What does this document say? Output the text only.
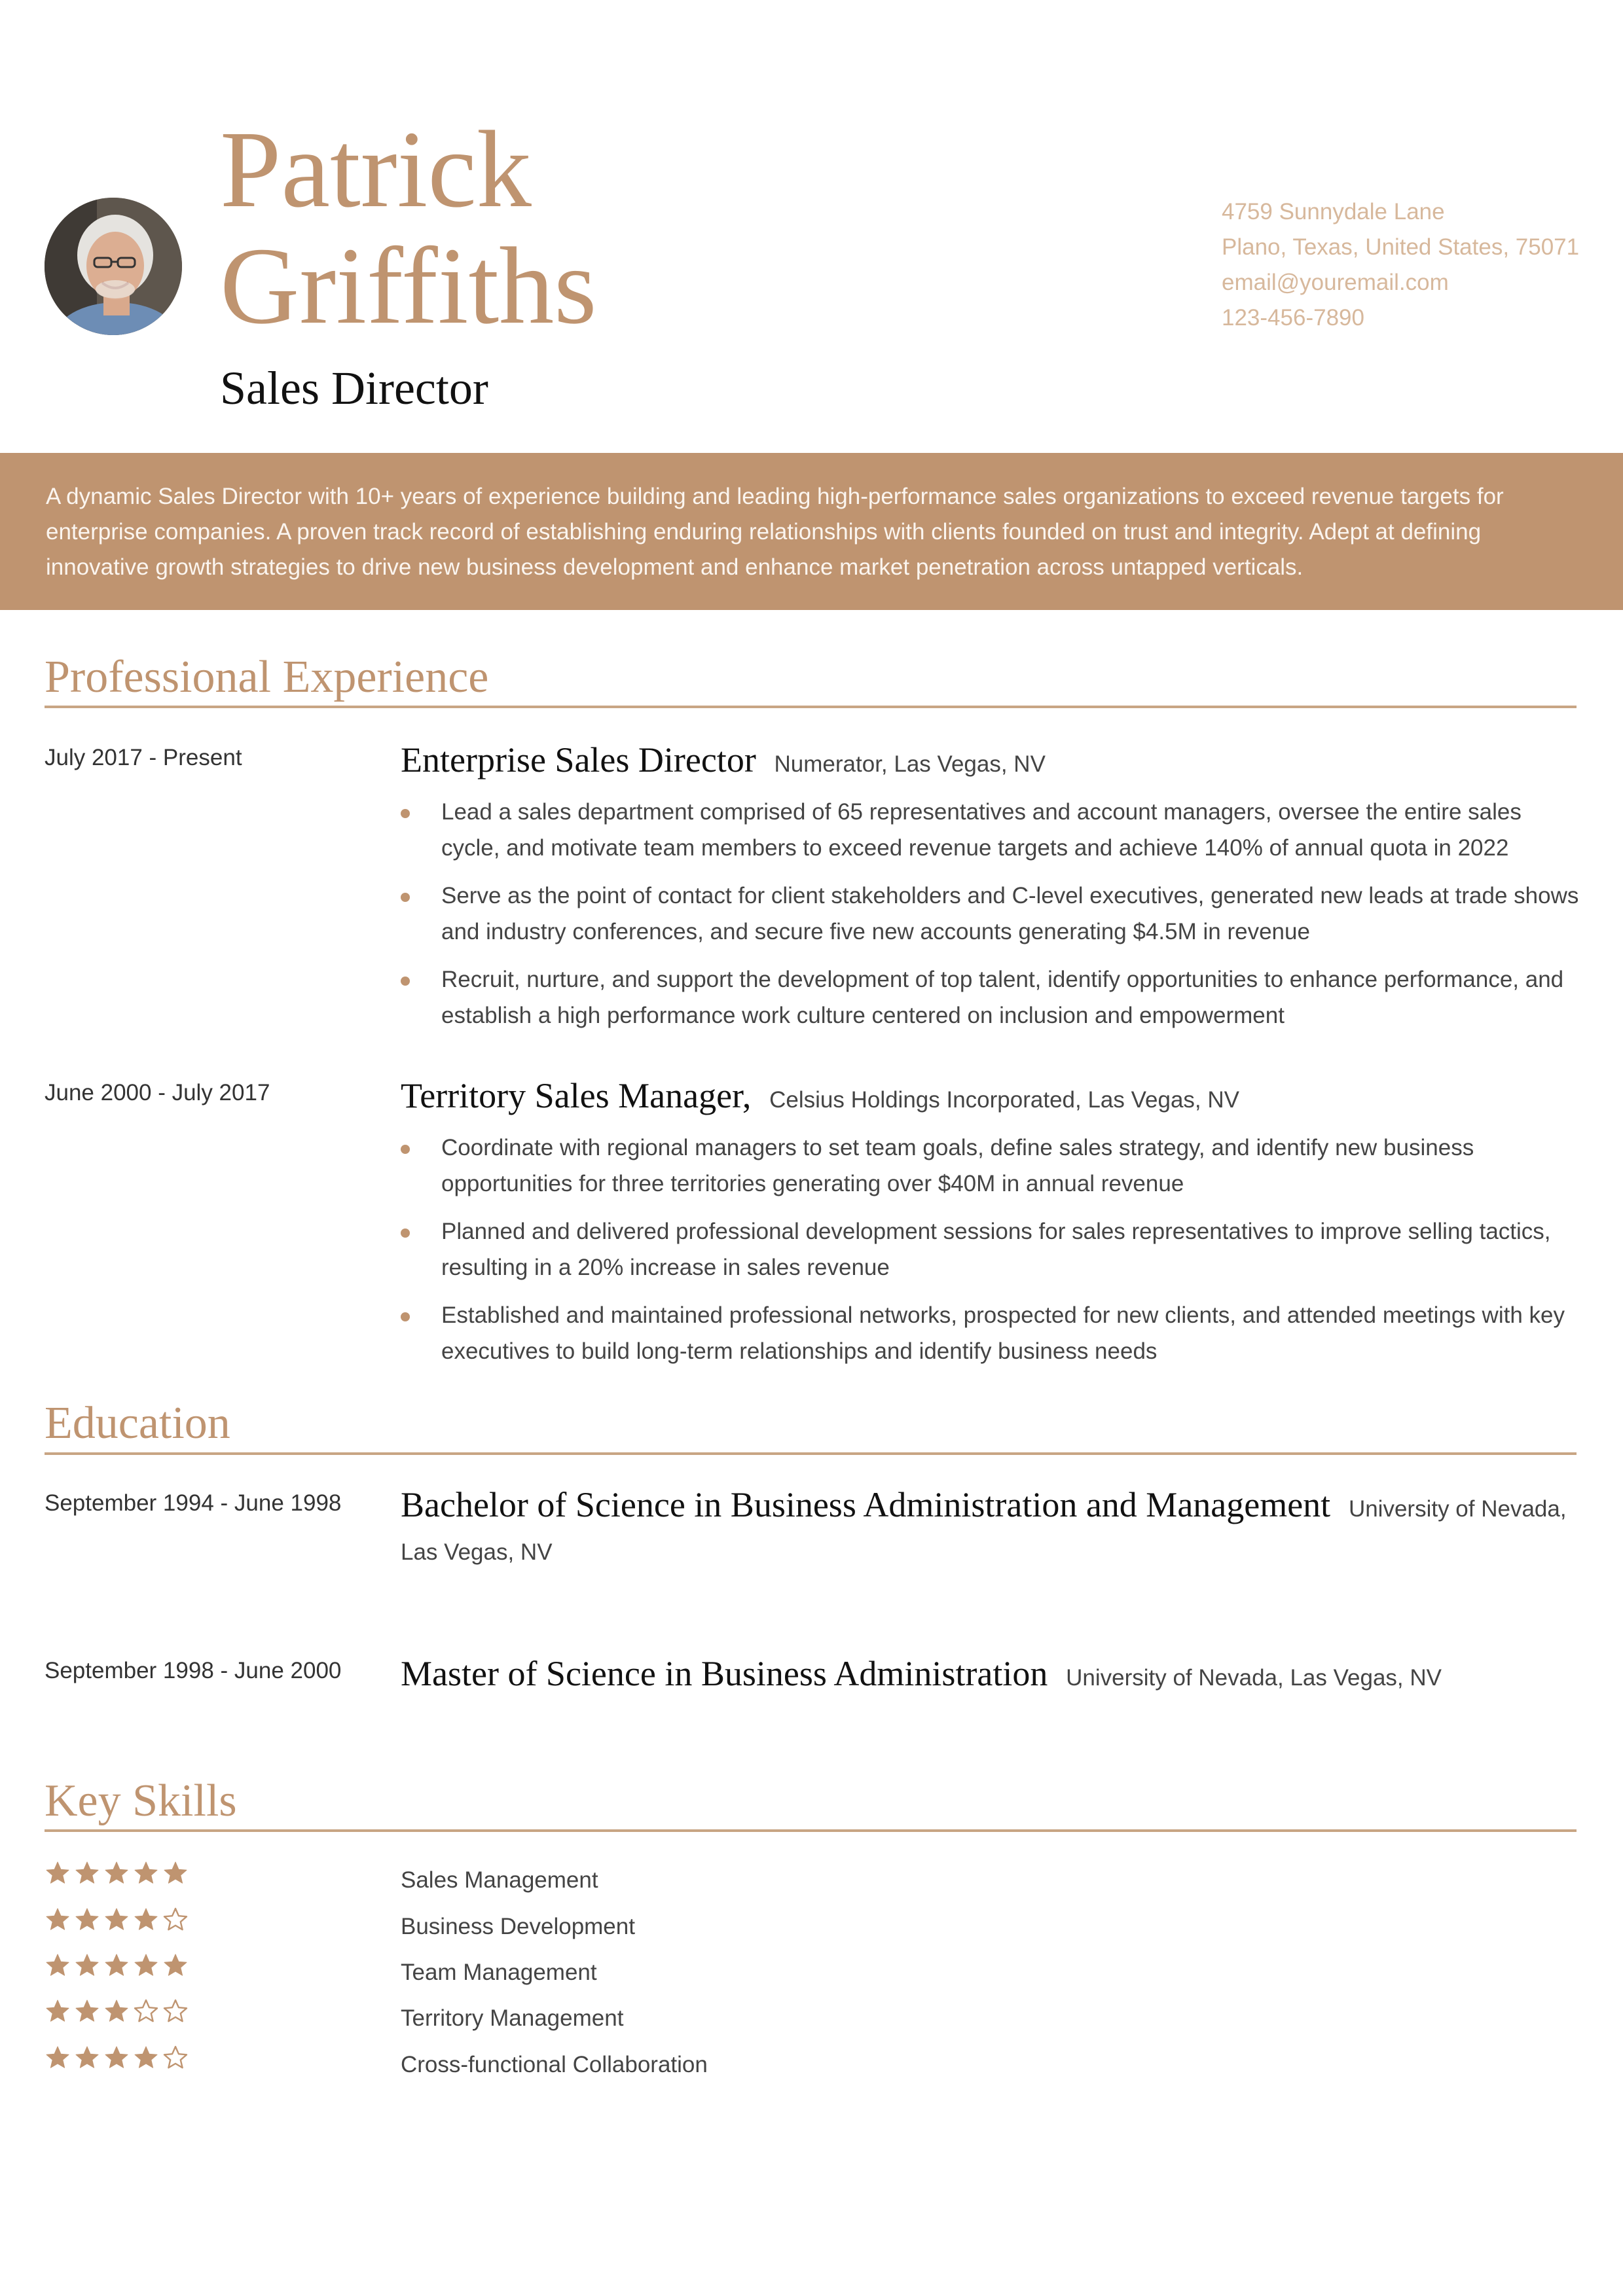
Patrick
Griffiths
Sales Director
4759 Sunnydale Lane
Plano, Texas, United States, 75071
email@youremail.com
123-456-7890
A dynamic Sales Director with 10+ years of experience building and leading high-performance sales organizations to exceed revenue targets for enterprise companies. A proven track record of establishing enduring relationships with clients founded on trust and integrity. Adept at defining innovative growth strategies to drive new business development and enhance market penetration across untapped verticals.
Professional Experience
July 2017 - Present	Enterprise Sales Director Numerator, Las Vegas, NV
Lead a sales department comprised of 65 representatives and account managers, oversee the entire sales cycle, and motivate team members to exceed revenue targets and achieve 140% of annual quota in 2022
Serve as the point of contact for client stakeholders and C-level executives, generated new leads at trade shows and industry conferences, and secure five new accounts generating $4.5M in revenue
Recruit, nurture, and support the development of top talent, identify opportunities to enhance performance, and establish a high performance work culture centered on inclusion and empowerment
June 2000 - July 2017	Territory Sales Manager, Celsius Holdings Incorporated, Las Vegas, NV
Coordinate with regional managers to set team goals, define sales strategy, and identify new business opportunities for three territories generating over $40M in annual revenue
Planned and delivered professional development sessions for sales representatives to improve selling tactics, resulting in a 20% increase in sales revenue
Established and maintained professional networks, prospected for new clients, and attended meetings with key executives to build long-term relationships and identify business needs
Education
September 1994 - June 1998 Bachelor of Science in Business Administration and Management University of Nevada, Las Vegas, NV
September 1998 - June 2000 Master of Science in Business Administration University of Nevada, Las Vegas, NV
Key Skills
Sales Management
Business Development
Team Management
Territory Management
Cross-functional Collaboration
